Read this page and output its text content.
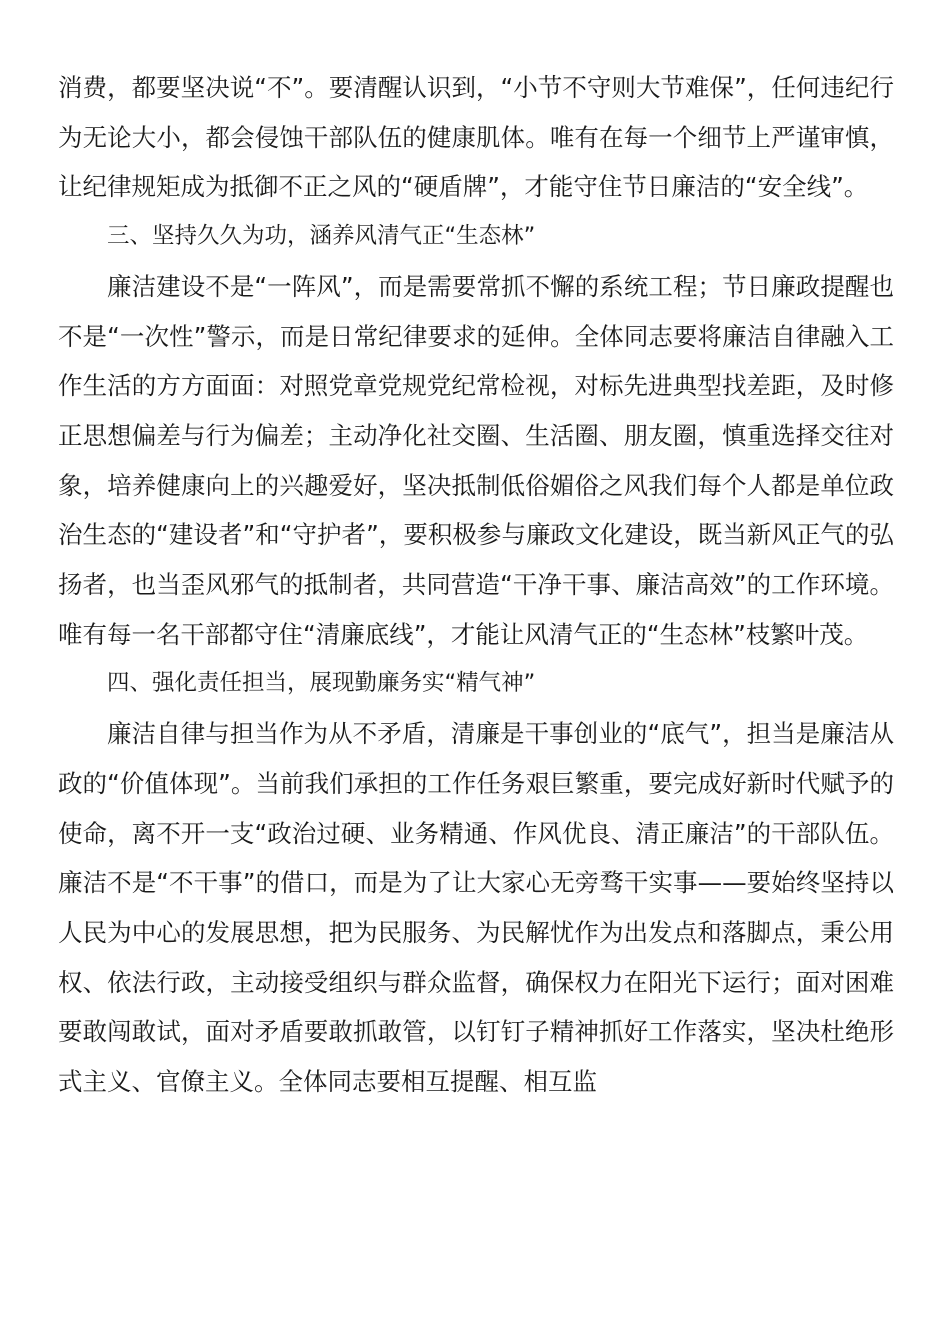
消费，都要坚决说“不”。要清醒认识到，“小节不守则大节难保”，任何违纪行为无论大小，都会侵蚀干部队伍的健康肌体。唯有在每一个细节上严谨审慎，让纪律规矩成为抵御不正之风的“硬盾牌”，才能守住节日廉洁的“安全线”。

三、坚持久久为功，涵养风清气正“生态林”

廉洁建设不是“一阵风”，而是需要常抓不懈的系统工程；节日廉政提醒也不是“一次性”警示，而是日常纪律要求的延伸。全体同志要将廉洁自律融入工作生活的方方面面：对照党章党规党纪常检视，对标先进典型找差距，及时修正思想偏差与行为偏差；主动净化社交圈、生活圈、朋友圈，慎重选择交往对象，培养健康向上的兴趣爱好，坚决抵制低俗媚俗之风我们每个人都是单位政治生态的“建设者”和“守护者”，要积极参与廉政文化建设，既当新风正气的弘扬者，也当歪风邪气的抵制者，共同营造“干净干事、廉洁高效”的工作环境。唯有每一名干部都守住“清廉底线”，才能让风清气正的“生态林”枝繁叶茂。

四、强化责任担当，展现勤廉务实“精气神”

廉洁自律与担当作为从不矛盾，清廉是干事创业的“底气”，担当是廉洁从政的“价值体现”。当前我们承担的工作任务艰巨繁重，要完成好新时代赋予的使命，离不开一支“政治过硬、业务精通、作风优良、清正廉洁”的干部队伍。廉洁不是“不干事”的借口，而是为了让大家心无旁骛干实事——要始终坚持以人民为中心的发展思想，把为民服务、为民解忧作为出发点和落脚点，秉公用权、依法行政，主动接受组织与群众监督，确保权力在阳光下运行；面对困难要敢闯敢试，面对矛盾要敢抓敢管，以钉钉子精神抓好工作落实，坚决杜绝形式主义、官僚主义。全体同志要相互提醒、相互监
